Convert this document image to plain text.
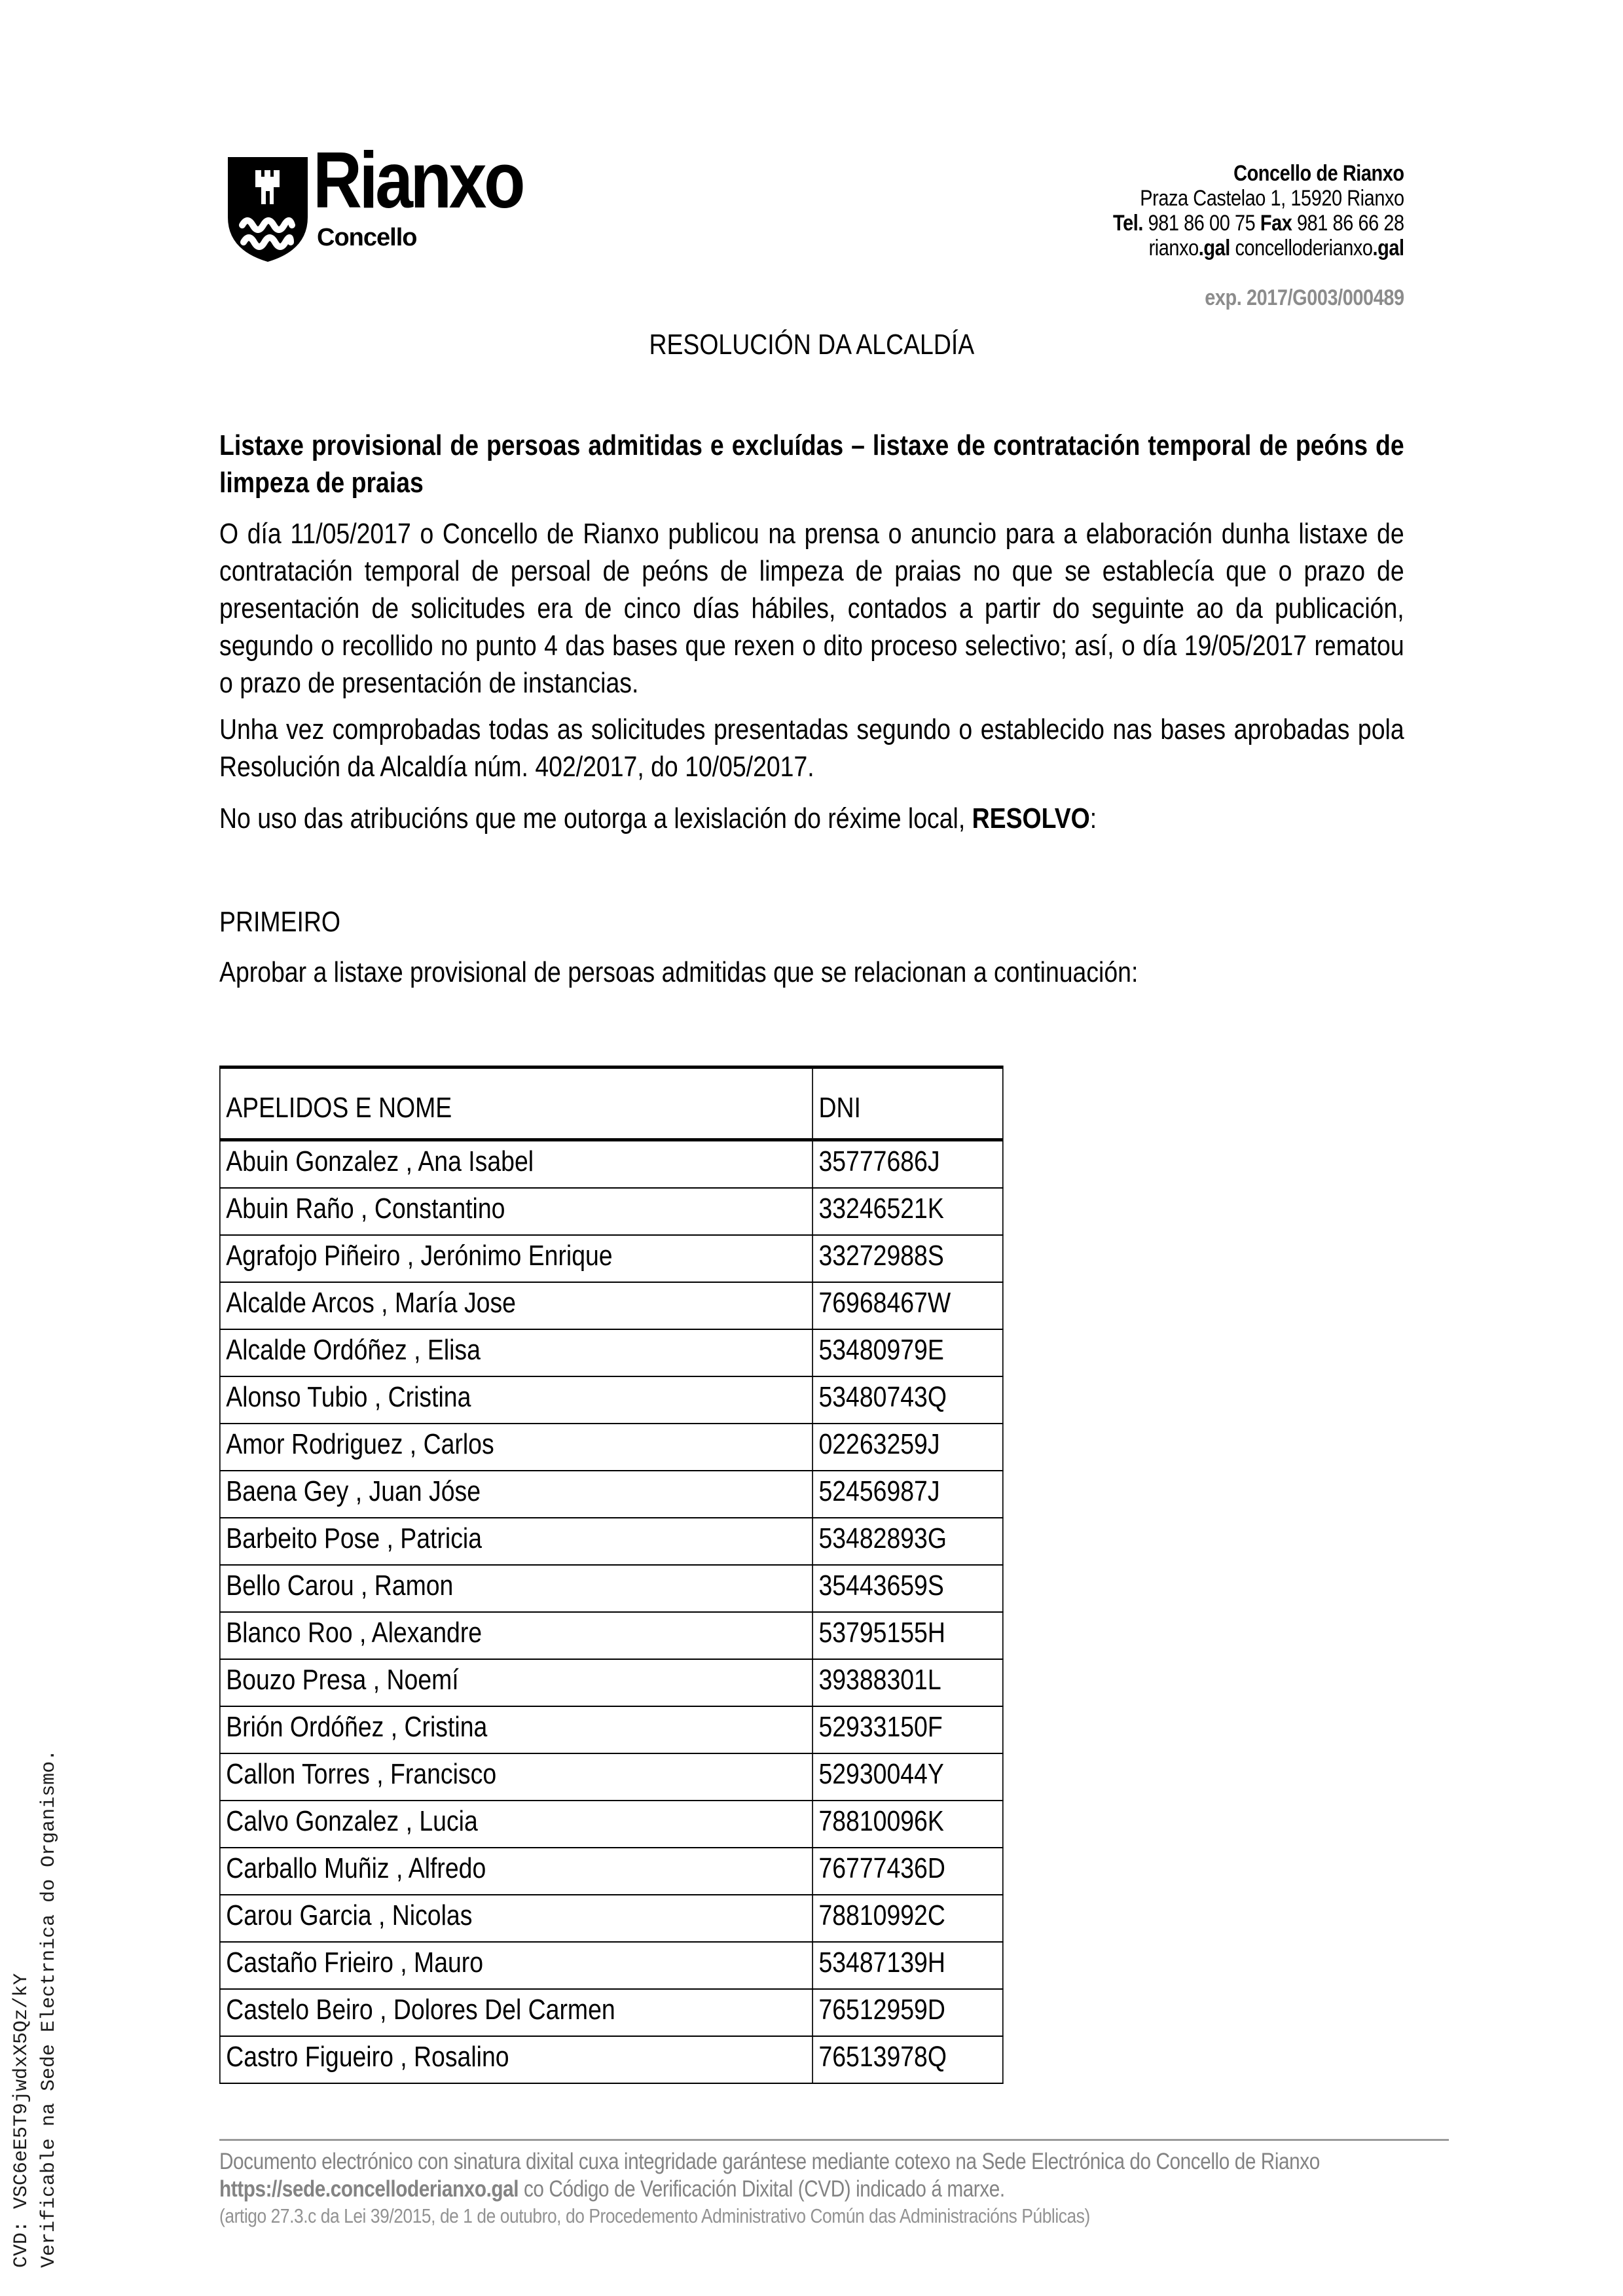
CVD: VSC6eE5T9jwdxX5Qz/kY Verificable na Sede Electrnica do Organismo.
Rianxo
Concello
Concello de Rianxo
Praza Castelao 1, 15920 Rianxo
Tel. 981 86 00 75 Fax 981 86 66 28
rianxo.gal concelloderianxo.gal
exp. 2017/G003/000489
RESOLUCIÓN DA ALCALDÍA
Listaxe provisional de persoas admitidas e excluídas – listaxe de contratación temporal de peóns de limpeza de praias
O día 11/05/2017 o Concello de Rianxo publicou na prensa o anuncio para a elaboración dunha listaxe de contratación temporal de persoal de peóns de limpeza de praias no que se establecía que o prazo de presentación de solicitudes era de cinco días hábiles, contados a partir do seguinte ao da publicación, segundo o recollido no punto 4 das bases que rexen o dito proceso selectivo; así, o día 19/05/2017 rematou o prazo de presentación de instancias.
Unha vez comprobadas todas as solicitudes presentadas segundo o establecido nas bases aprobadas pola Resolución da Alcaldía núm. 402/2017, do 10/05/2017.
No uso das atribucións que me outorga a lexislación do réxime local, RESOLVO:
PRIMEIRO
Aprobar a listaxe provisional de persoas admitidas que se relacionan a continuación:
APELIDOS E NOME	DNI
Abuin Gonzalez , Ana Isabel	35777686J
Abuin Raño , Constantino	33246521K
Agrafojo Piñeiro , Jerónimo Enrique	33272988S
Alcalde Arcos , María Jose	76968467W
Alcalde Ordóñez , Elisa	53480979E
Alonso Tubio , Cristina	53480743Q
Amor Rodriguez , Carlos	02263259J
Baena Gey , Juan Jóse	52456987J
Barbeito Pose , Patricia	53482893G
Bello Carou , Ramon	35443659S
Blanco Roo , Alexandre	53795155H
Bouzo Presa , Noemí	39388301L
Brión Ordóñez , Cristina	52933150F
Callon Torres , Francisco	52930044Y
Calvo Gonzalez , Lucia	78810096K
Carballo Muñiz , Alfredo	76777436D
Carou Garcia , Nicolas	78810992C
Castaño Frieiro , Mauro	53487139H
Castelo Beiro , Dolores Del Carmen	76512959D
Castro Figueiro , Rosalino	76513978Q
Documento electrónico con sinatura dixital cuxa integridade garántese mediante cotexo na Sede Electrónica do Concello de Rianxo
https://sede.concelloderianxo.gal co Código de Verificación Dixital (CVD) indicado á marxe.
(artigo 27.3.c da Lei 39/2015, de 1 de outubro, do Procedemento Administrativo Común das Administracións Públicas)
